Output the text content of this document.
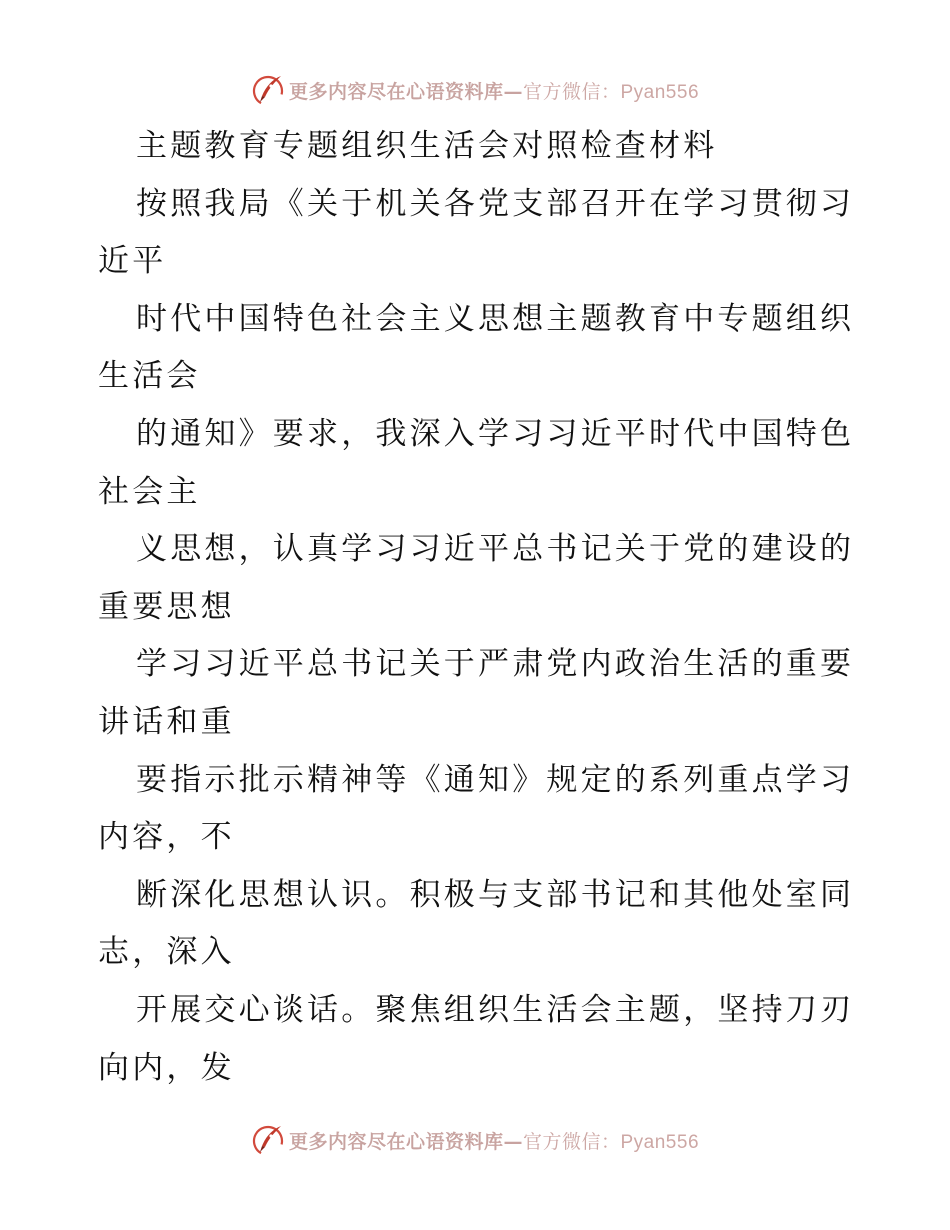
更多内容尽在心语资料库—官方微信：Pyan556
主题教育专题组织生活会对照检查材料
按照我局《关于机关各党支部召开在学习贯彻习
近平
时代中国特色社会主义思想主题教育中专题组织
生活会
的通知》要求，我深入学习习近平时代中国特色
社会主
义思想，认真学习习近平总书记关于党的建设的
重要思想
学习习近平总书记关于严肃党内政治生活的重要
讲话和重
要指示批示精神等《通知》规定的系列重点学习
内容，不
断深化思想认识。积极与支部书记和其他处室同
志，深入
开展交心谈话。聚焦组织生活会主题，坚持刀刃
向内，发
更多内容尽在心语资料库—官方微信：Pyan556
